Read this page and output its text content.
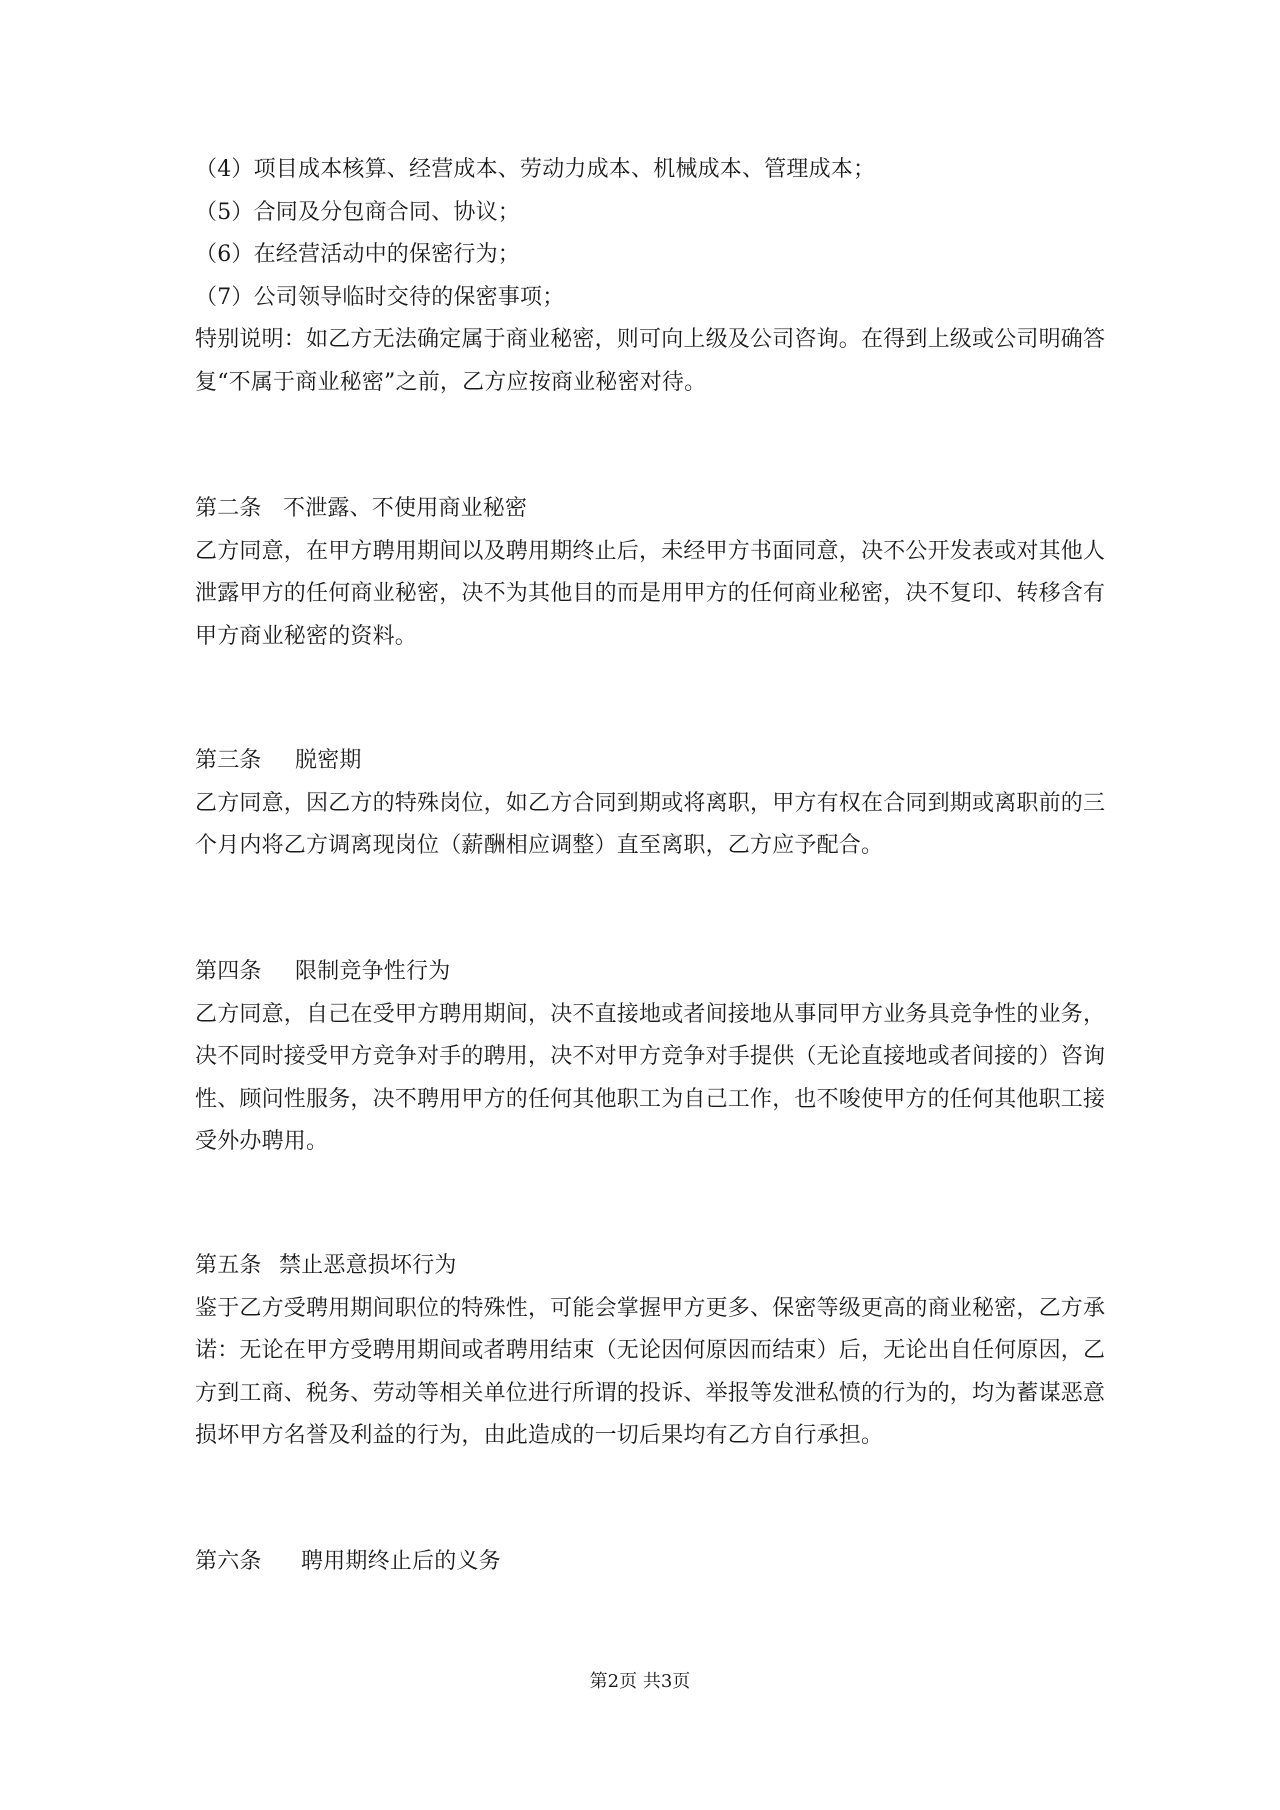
（4）项目成本核算、经营成本、劳动力成本、机械成本、管理成本；
（5）合同及分包商合同、协议；
（6）在经营活动中的保密行为；
（7）公司领导临时交待的保密事项；
特别说明：如乙方无法确定属于商业秘密，则可向上级及公司咨询。在得到上级或公司明确答
复“不属于商业秘密”之前，乙方应按商业秘密对待。
第二条 不泄露、不使用商业秘密
乙方同意，在甲方聘用期间以及聘用期终止后，未经甲方书面同意，决不公开发表或对其他人
泄露甲方的任何商业秘密，决不为其他目的而是用甲方的任何商业秘密，决不复印、转移含有
甲方商业秘密的资料。
第三条 脱密期
乙方同意，因乙方的特殊岗位，如乙方合同到期或将离职，甲方有权在合同到期或离职前的三
个月内将乙方调离现岗位（薪酬相应调整）直至离职，乙方应予配合。
第四条 限制竞争性行为
乙方同意，自己在受甲方聘用期间，决不直接地或者间接地从事同甲方业务具竞争性的业务，
决不同时接受甲方竞争对手的聘用，决不对甲方竞争对手提供（无论直接地或者间接的）咨询
性、顾问性服务，决不聘用甲方的任何其他职工为自己工作，也不唆使甲方的任何其他职工接
受外办聘用。
第五条 禁止恶意损坏行为
鉴于乙方受聘用期间职位的特殊性，可能会掌握甲方更多、保密等级更高的商业秘密，乙方承
诺：无论在甲方受聘用期间或者聘用结束（无论因何原因而结束）后，无论出自任何原因，乙
方到工商、税务、劳动等相关单位进行所谓的投诉、举报等发泄私愤的行为的，均为蓄谋恶意
损坏甲方名誉及利益的行为，由此造成的一切后果均有乙方自行承担。
第六条 聘用期终止后的义务
第2页 共3页
